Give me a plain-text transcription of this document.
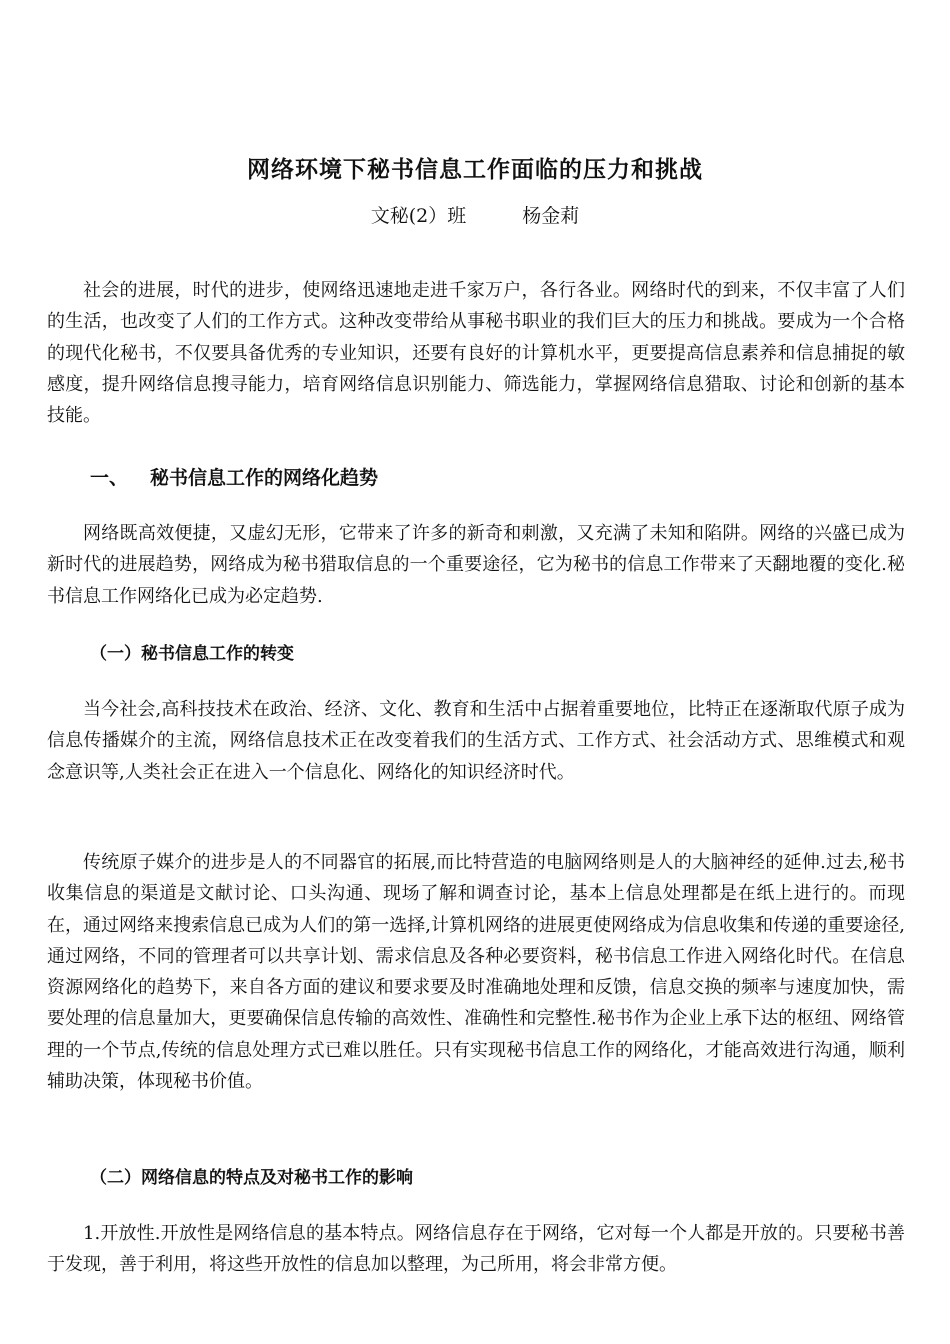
网络环境下秘书信息工作面临的压力和挑战
文秘(2）班	杨金莉

社会的进展，时代的进步，使网络迅速地走进千家万户，各行各业。网络时代的到来，不仅丰富了人们的生活，也改变了人们的工作方式。这种改变带给从事秘书职业的我们巨大的压力和挑战。要成为一个合格的现代化秘书，不仅要具备优秀的专业知识，还要有良好的计算机水平，更要提高信息素养和信息捕捉的敏感度，提升网络信息搜寻能力，培育网络信息识别能力、筛选能力，掌握网络信息猎取、讨论和创新的基本技能。

一、 秘书信息工作的网络化趋势

网络既高效便捷，又虚幻无形，它带来了许多的新奇和刺激，又充满了未知和陷阱。网络的兴盛已成为新时代的进展趋势，网络成为秘书猎取信息的一个重要途径，它为秘书的信息工作带来了天翻地覆的变化.秘书信息工作网络化已成为必定趋势.

（一）秘书信息工作的转变

当今社会,高科技技术在政治、经济、文化、教育和生活中占据着重要地位，比特正在逐渐取代原子成为信息传播媒介的主流，网络信息技术正在改变着我们的生活方式、工作方式、社会活动方式、思维模式和观念意识等,人类社会正在进入一个信息化、网络化的知识经济时代。

传统原子媒介的进步是人的不同器官的拓展,而比特营造的电脑网络则是人的大脑神经的延伸.过去,秘书收集信息的渠道是文献讨论、口头沟通、现场了解和调查讨论，基本上信息处理都是在纸上进行的。而现在，通过网络来搜索信息已成为人们的第一选择,计算机网络的进展更使网络成为信息收集和传递的重要途径,通过网络，不同的管理者可以共享计划、需求信息及各种必要资料，秘书信息工作进入网络化时代。在信息资源网络化的趋势下，来自各方面的建议和要求要及时准确地处理和反馈，信息交换的频率与速度加快，需要处理的信息量加大，更要确保信息传输的高效性、准确性和完整性.秘书作为企业上承下达的枢纽、网络管理的一个节点,传统的信息处理方式已难以胜任。只有实现秘书信息工作的网络化，才能高效进行沟通，顺利辅助决策，体现秘书价值。

（二）网络信息的特点及对秘书工作的影响

1.开放性.开放性是网络信息的基本特点。网络信息存在于网络，它对每一个人都是开放的。只要秘书善于发现，善于利用，将这些开放性的信息加以整理，为己所用，将会非常方便。
